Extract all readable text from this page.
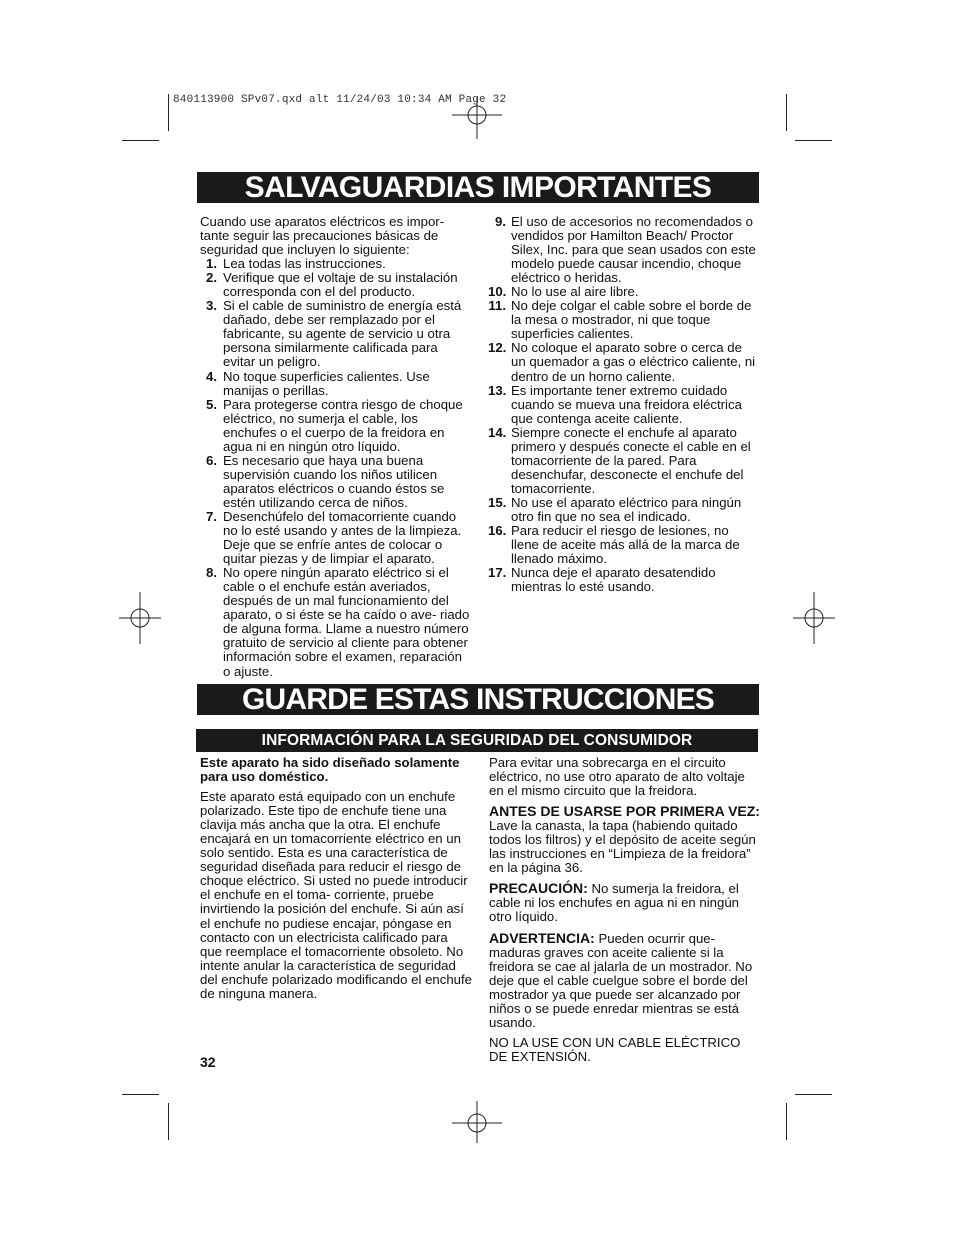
840113900 SPv07.qxd alt 11/24/03 10:34 AM Page 32
SALVAGUARDIAS IMPORTANTES

Cuando use aparatos eléctricos es impor- tante seguir las precauciones básicas de seguridad que incluyen lo siguiente:

1. Lea todas las instrucciones.
2. Verifique que el voltaje de su instalación corresponda con el del producto.
3. Si el cable de suministro de energía está dañado, debe ser remplazado por el fabricante, su agente de servicio u otra persona similarmente calificada para evitar un peligro.
4. No toque superficies calientes. Use manijas o perillas.
5. Para protegerse contra riesgo de choque eléctrico, no sumerja el cable, los enchufes o el cuerpo de la freidora en agua ni en ningún otro líquido.
6. Es necesario que haya una buena supervisión cuando los niños utilicen aparatos eléctricos o cuando éstos se estén utilizando cerca de niños.
7. Desenchúfelo del tomacorriente cuando no lo esté usando y antes de la limpieza. Deje que se enfríe antes de colocar o quitar piezas y de limpiar el aparato.
8. No opere ningún aparato eléctrico si el cable o el enchufe están averiados, después de un mal funcionamiento del aparato, o si éste se ha caído o ave- riado de alguna forma. Llame a nuestro número gratuito de servicio al cliente para obtener información sobre el examen, reparación o ajuste.
9. El uso de accesorios no recomendados o vendidos por Hamilton Beach/ Proctor Silex, Inc. para que sean usados con este modelo puede causar incendio, choque eléctrico o heridas.
10. No lo use al aire libre.
11. No deje colgar el cable sobre el borde de la mesa o mostrador, ni que toque superficies calientes.
12. No coloque el aparato sobre o cerca de un quemador a gas o eléctrico caliente, ni dentro de un horno caliente.
13. Es importante tener extremo cuidado cuando se mueva una freidora eléctrica que contenga aceite caliente.
14. Siempre conecte el enchufe al aparato primero y después conecte el cable en el tomacorriente de la pared. Para desenchufar, desconecte el enchufe del tomacorriente.
15. No use el aparato eléctrico para ningún otro fin que no sea el indicado.
16. Para reducir el riesgo de lesiones, no llene de aceite más allá de la marca de llenado máximo.
17. Nunca deje el aparato desatendido mientras lo esté usando.
GUARDE ESTAS INSTRUCCIONES
INFORMACIÓN PARA LA SEGURIDAD DEL CONSUMIDOR

Este aparato ha sido diseñado solamente para uso doméstico.

Este aparato está equipado con un enchufe polarizado. Este tipo de enchufe tiene una clavija más ancha que la otra. El enchufe encajará en un tomacorriente eléctrico en un solo sentido. Esta es una característica de seguridad diseñada para reducir el riesgo de choque eléctrico. Si usted no puede introducir el enchufe en el toma- corriente, pruebe invirtiendo la posición del enchufe. Si aún así el enchufe no pudiese encajar, póngase en contacto con un electricista calificado para que reemplace el tomacorriente obsoleto. No intente anular la característica de seguridad del enchufe polarizado modificando el enchufe de ninguna manera.

Para evitar una sobrecarga en el circuito eléctrico, no use otro aparato de alto voltaje en el mismo circuito que la freidora.

ANTES DE USARSE POR PRIMERA VEZ: Lave la canasta, la tapa (habiendo quitado todos los filtros) y el depósito de aceite según las instrucciones en “Limpieza de la freidora” en la página 36.

PRECAUCIÓN: No sumerja la freidora, el cable ni los enchufes en agua ni en ningún otro líquido.

ADVERTENCIA: Pueden ocurrir que- maduras graves con aceite caliente si la freidora se cae al jalarla de un mostrador. No deje que el cable cuelgue sobre el borde del mostrador ya que puede ser alcanzado por niños o se puede enredar mientras se está usando.

NO LA USE CON UN CABLE ELÉCTRICO DE EXTENSIÓN.

32
